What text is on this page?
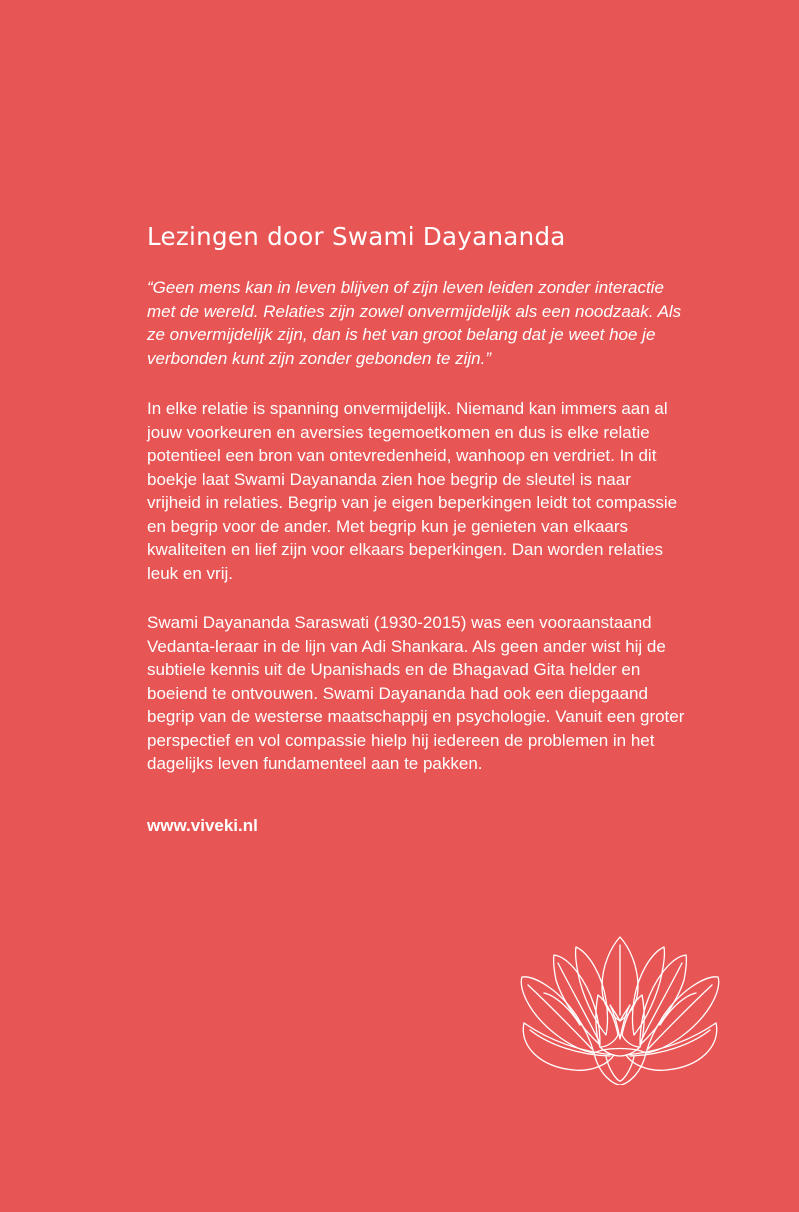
Lezingen door Swami Dayananda

“Geen mens kan in leven blijven of zijn leven leiden zonder interactie met de wereld. Relaties zijn zowel onvermijdelijk als een noodzaak. Als ze onvermijdelijk zijn, dan is het van groot belang dat je weet hoe je verbonden kunt zijn zonder gebonden te zijn.”

In elke relatie is spanning onvermijdelijk. Niemand kan immers aan al jouw voorkeuren en aversies tegemoetkomen en dus is elke relatie potentieel een bron van ontevredenheid, wanhoop en verdriet. In dit boekje laat Swami Dayananda zien hoe begrip de sleutel is naar vrijheid in relaties. Begrip van je eigen beperkingen leidt tot compassie en begrip voor de ander. Met begrip kun je genieten van elkaars kwaliteiten en lief zijn voor elkaars beperkingen. Dan worden relaties leuk en vrij.

Swami Dayananda Saraswati (1930-2015) was een vooraanstaand Vedanta-leraar in de lijn van Adi Shankara. Als geen ander wist hij de subtiele kennis uit de Upanishads en de Bhagavad Gita helder en boeiend te ontvouwen. Swami Dayananda had ook een diepgaand begrip van de westerse maatschappij en psychologie. Vanuit een groter perspectief en vol compassie hielp hij iedereen de problemen in het dagelijks leven fundamenteel aan te pakken.

www.viveki.nl
